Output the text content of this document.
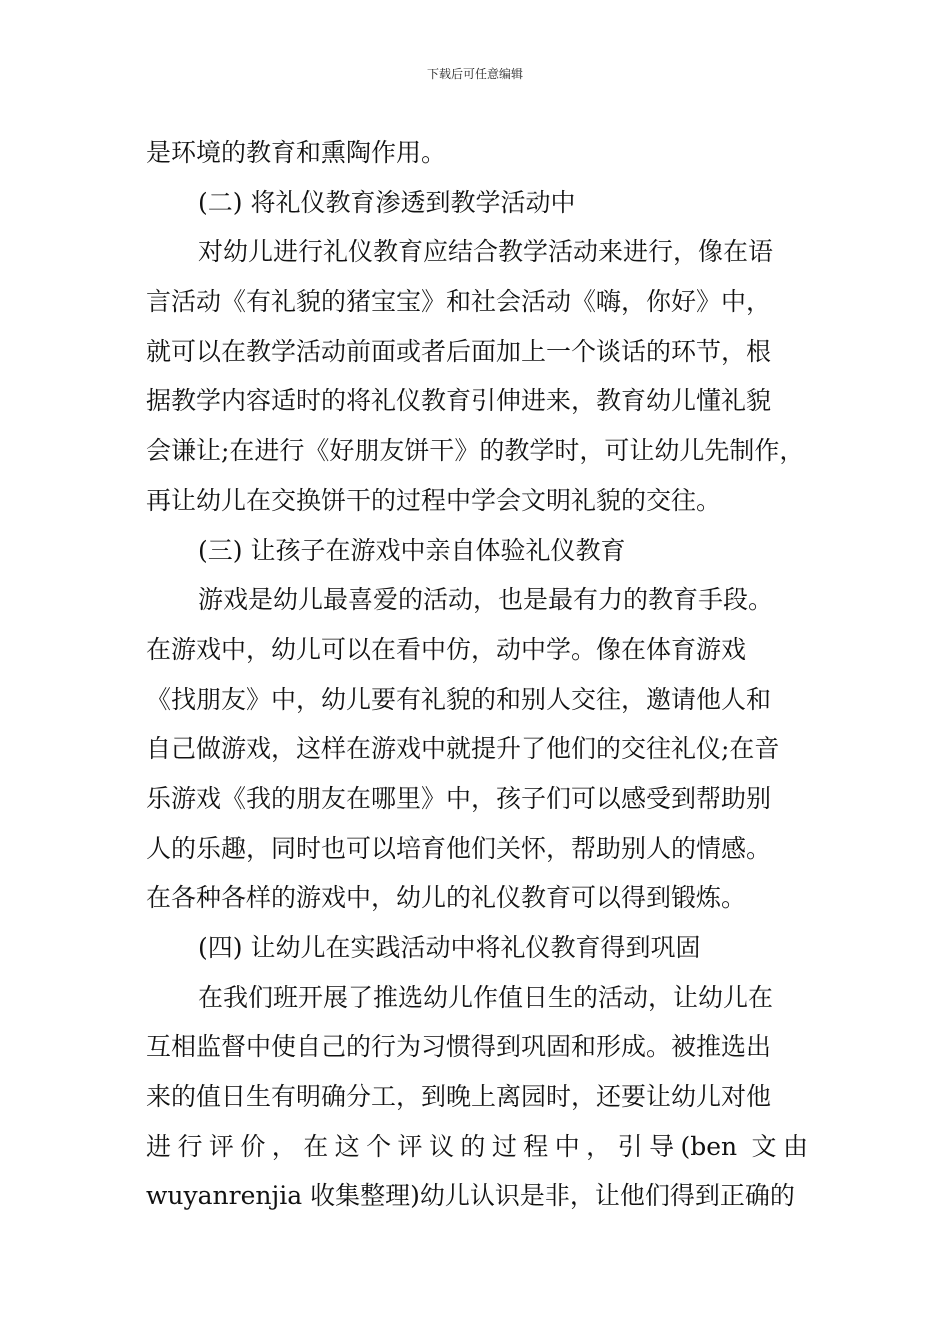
下载后可任意编辑
是环境的教育和熏陶作用。
(二) 将礼仪教育渗透到教学活动中
对幼儿进行礼仪教育应结合教学活动来进行，像在语
言活动《有礼貌的猪宝宝》和社会活动《嗨，你好》中，
就可以在教学活动前面或者后面加上一个谈话的环节，根
据教学内容适时的将礼仪教育引伸进来，教育幼儿懂礼貌
会谦让;在进行《好朋友饼干》的教学时，可让幼儿先制作，
再让幼儿在交换饼干的过程中学会文明礼貌的交往。
(三) 让孩子在游戏中亲自体验礼仪教育
游戏是幼儿最喜爱的活动，也是最有力的教育手段。
在游戏中，幼儿可以在看中仿，动中学。像在体育游戏
《找朋友》中，幼儿要有礼貌的和别人交往，邀请他人和
自己做游戏，这样在游戏中就提升了他们的交往礼仪;在音
乐游戏《我的朋友在哪里》中，孩子们可以感受到帮助别
人的乐趣，同时也可以培育他们关怀，帮助别人的情感。
在各种各样的游戏中，幼儿的礼仪教育可以得到锻炼。
(四) 让幼儿在实践活动中将礼仪教育得到巩固
在我们班开展了推选幼儿作值日生的活动，让幼儿在
互相监督中使自己的行为习惯得到巩固和形成。被推选出
来的值日生有明确分工，到晚上离园时，还要让幼儿对他
进行评价，在这个评议的过程中，引导(ben 文由
wuyanrenjia 收集整理)幼儿认识是非，让他们得到正确的
